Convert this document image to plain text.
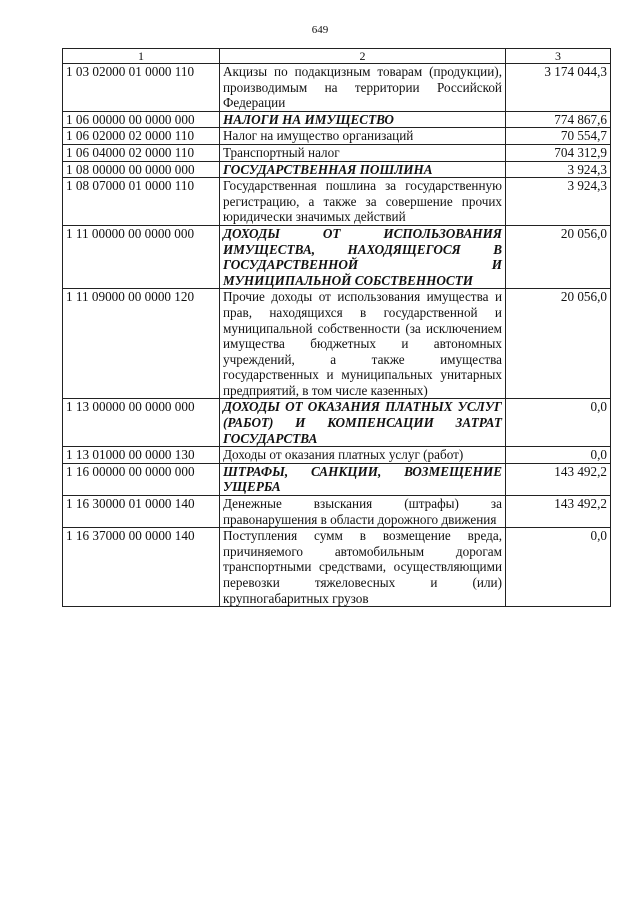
649
1	2	3
1 03 02000 01 0000 110	Акцизы по подакцизным товарам (продукции), производимым на территории Российской Федерации	3 174 044,3
1 06 00000 00 0000 000	НАЛОГИ НА ИМУЩЕСТВО	774 867,6
1 06 02000 02 0000 110	Налог на имущество организаций	70 554,7
1 06 04000 02 0000 110	Транспортный налог	704 312,9
1 08 00000 00 0000 000	ГОСУДАРСТВЕННАЯ ПОШЛИНА	3 924,3
1 08 07000 01 0000 110	Государственная пошлина за государственную регистрацию, а также за совершение прочих юридически значимых действий	3 924,3
1 11 00000 00 0000 000	ДОХОДЫ ОТ ИСПОЛЬЗОВАНИЯ ИМУЩЕСТВА, НАХОДЯЩЕГОСЯ В ГОСУДАРСТВЕННОЙ И МУНИЦИПАЛЬНОЙ СОБСТВЕННОСТИ	20 056,0
1 11 09000 00 0000 120	Прочие доходы от использования имущества и прав, находящихся в государственной и муниципальной собственности (за исключением имущества бюджетных и автономных учреждений, а также имущества государственных и муниципальных унитарных предприятий, в том числе казенных)	20 056,0
1 13 00000 00 0000 000	ДОХОДЫ ОТ ОКАЗАНИЯ ПЛАТНЫХ УСЛУГ (РАБОТ) И КОМПЕНСАЦИИ ЗАТРАТ ГОСУДАРСТВА	0,0
1 13 01000 00 0000 130	Доходы от оказания платных услуг (работ)	0,0
1 16 00000 00 0000 000	ШТРАФЫ, САНКЦИИ, ВОЗМЕЩЕНИЕ УЩЕРБА	143 492,2
1 16 30000 01 0000 140	Денежные взыскания (штрафы) за правонарушения в области дорожного движения	143 492,2
1 16 37000 00 0000 140	Поступления сумм в возмещение вреда, причиняемого автомобильным дорогам транспортными средствами, осуществляющими перевозки тяжеловесных и (или) крупногабаритных грузов	0,0
